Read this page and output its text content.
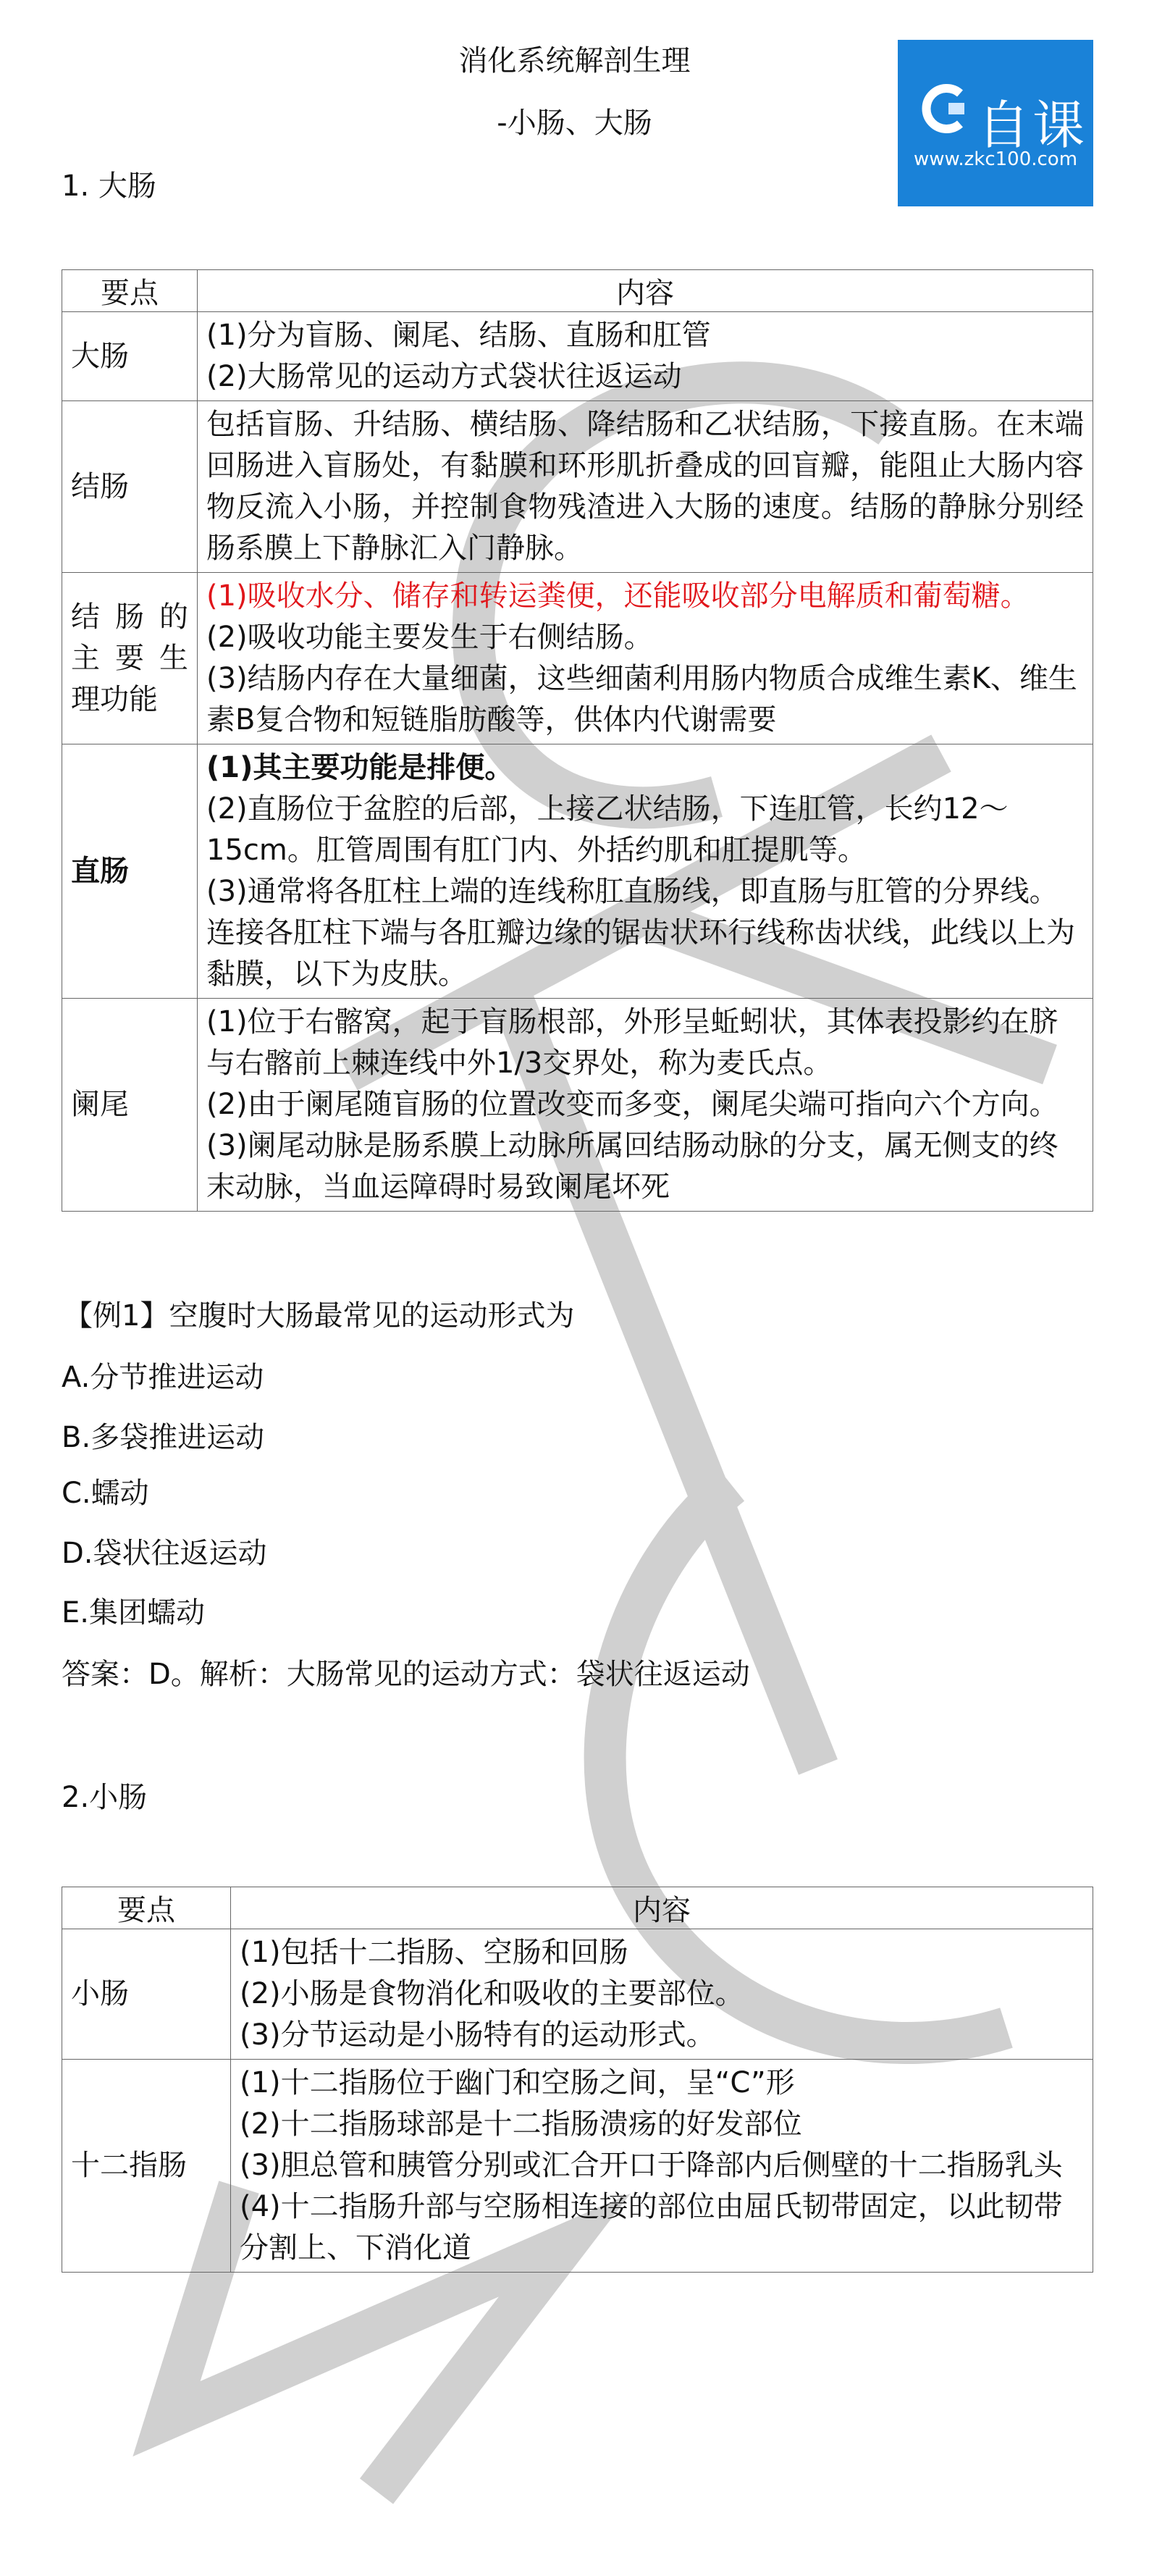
消化系统解剖生理
-小肠、大肠	自课
www.zkc100.com
1. 大肠
要点	内容
大肠	(1)分为盲肠、阑尾、结肠、直肠和肛管
(2)大肠常见的运动方式袋状往返运动

结肠	包括盲肠、升结肠、横结肠、降结肠和乙状结肠，下接直肠。在末端回肠进入盲肠处，有黏膜和环形肌折叠成的回盲瓣，能阻止大肠内容物反流入小肠，并控制食物残渣进入大肠的速度。结肠的静脉分别经肠系膜上下静脉汇入门静脉。

结肠的
主要生
理功能	(1)吸收水分、储存和转运粪便，还能吸收部分电解质和葡萄糖。
(2)吸收功能主要发生于右侧结肠。
(3)结肠内存在大量细菌，这些细菌利用肠内物质合成维生素K、维生素B复合物和短链脂肪酸等，供体内代谢需要

直肠	(1)其主要功能是排便。
(2)直肠位于盆腔的后部，上接乙状结肠，下连肛管，长约12～15cm。肛管周围有肛门内、外括约肌和肛提肌等。
(3)通常将各肛柱上端的连线称肛直肠线，即直肠与肛管的分界线。连接各肛柱下端与各肛瓣边缘的锯齿状环行线称齿状线，此线以上为黏膜，以下为皮肤。

阑尾	(1)位于右髂窝，起于盲肠根部，外形呈蚯蚓状，其体表投影约在脐与右髂前上棘连线中外1/3交界处，称为麦氏点。
(2)由于阑尾随盲肠的位置改变而多变，阑尾尖端可指向六个方向。
(3)阑尾动脉是肠系膜上动脉所属回结肠动脉的分支，属无侧支的终末动脉，当血运障碍时易致阑尾坏死
【例1】空腹时大肠最常见的运动形式为
A.分节推进运动
B.多袋推进运动
C.蠕动
D.袋状往返运动
E.集团蠕动
答案：D。解析：大肠常见的运动方式：袋状往返运动
2.小肠
要点	内容
小肠	(1)包括十二指肠、空肠和回肠
(2)小肠是食物消化和吸收的主要部位。
(3)分节运动是小肠特有的运动形式。

十二指肠	(1)十二指肠位于幽门和空肠之间，呈“C”形
(2)十二指肠球部是十二指肠溃疡的好发部位
(3)胆总管和胰管分别或汇合开口于降部内后侧壁的十二指肠乳头
(4)十二指肠升部与空肠相连接的部位由屈氏韧带固定，以此韧带分割上、下消化道
